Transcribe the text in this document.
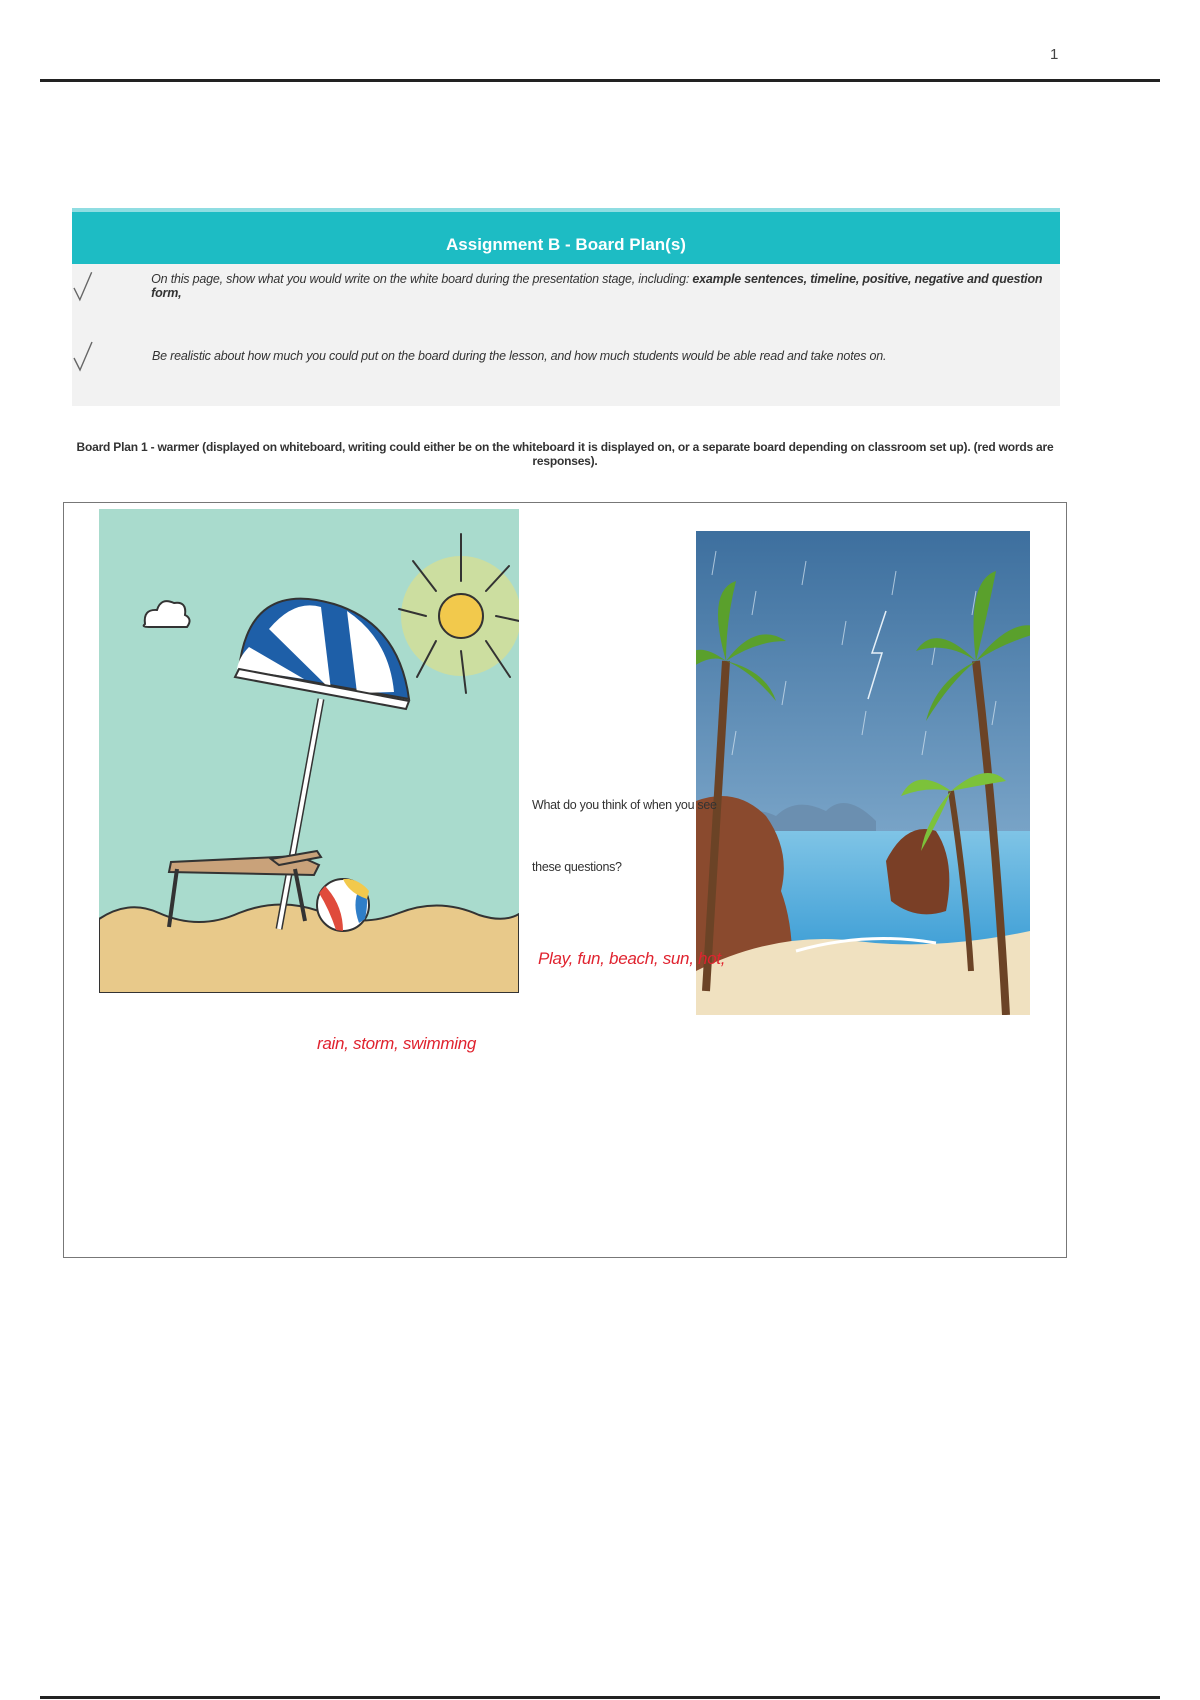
1
Assignment B - Board Plan(s)
On this page, show what you would write on the white board during the presentation stage, including: example sentences, timeline, positive, negative and question form,
Be realistic about how much you could put on the board during the lesson, and how much students would be able read and take notes on.
Board Plan 1 - warmer (displayed on whiteboard, writing could either be on the whiteboard it is displayed on, or a separate board depending on classroom set up). (red words are responses).
What do you think of when you see
these questions?
Play, fun, beach, sun, hot,
rain, storm, swimming
